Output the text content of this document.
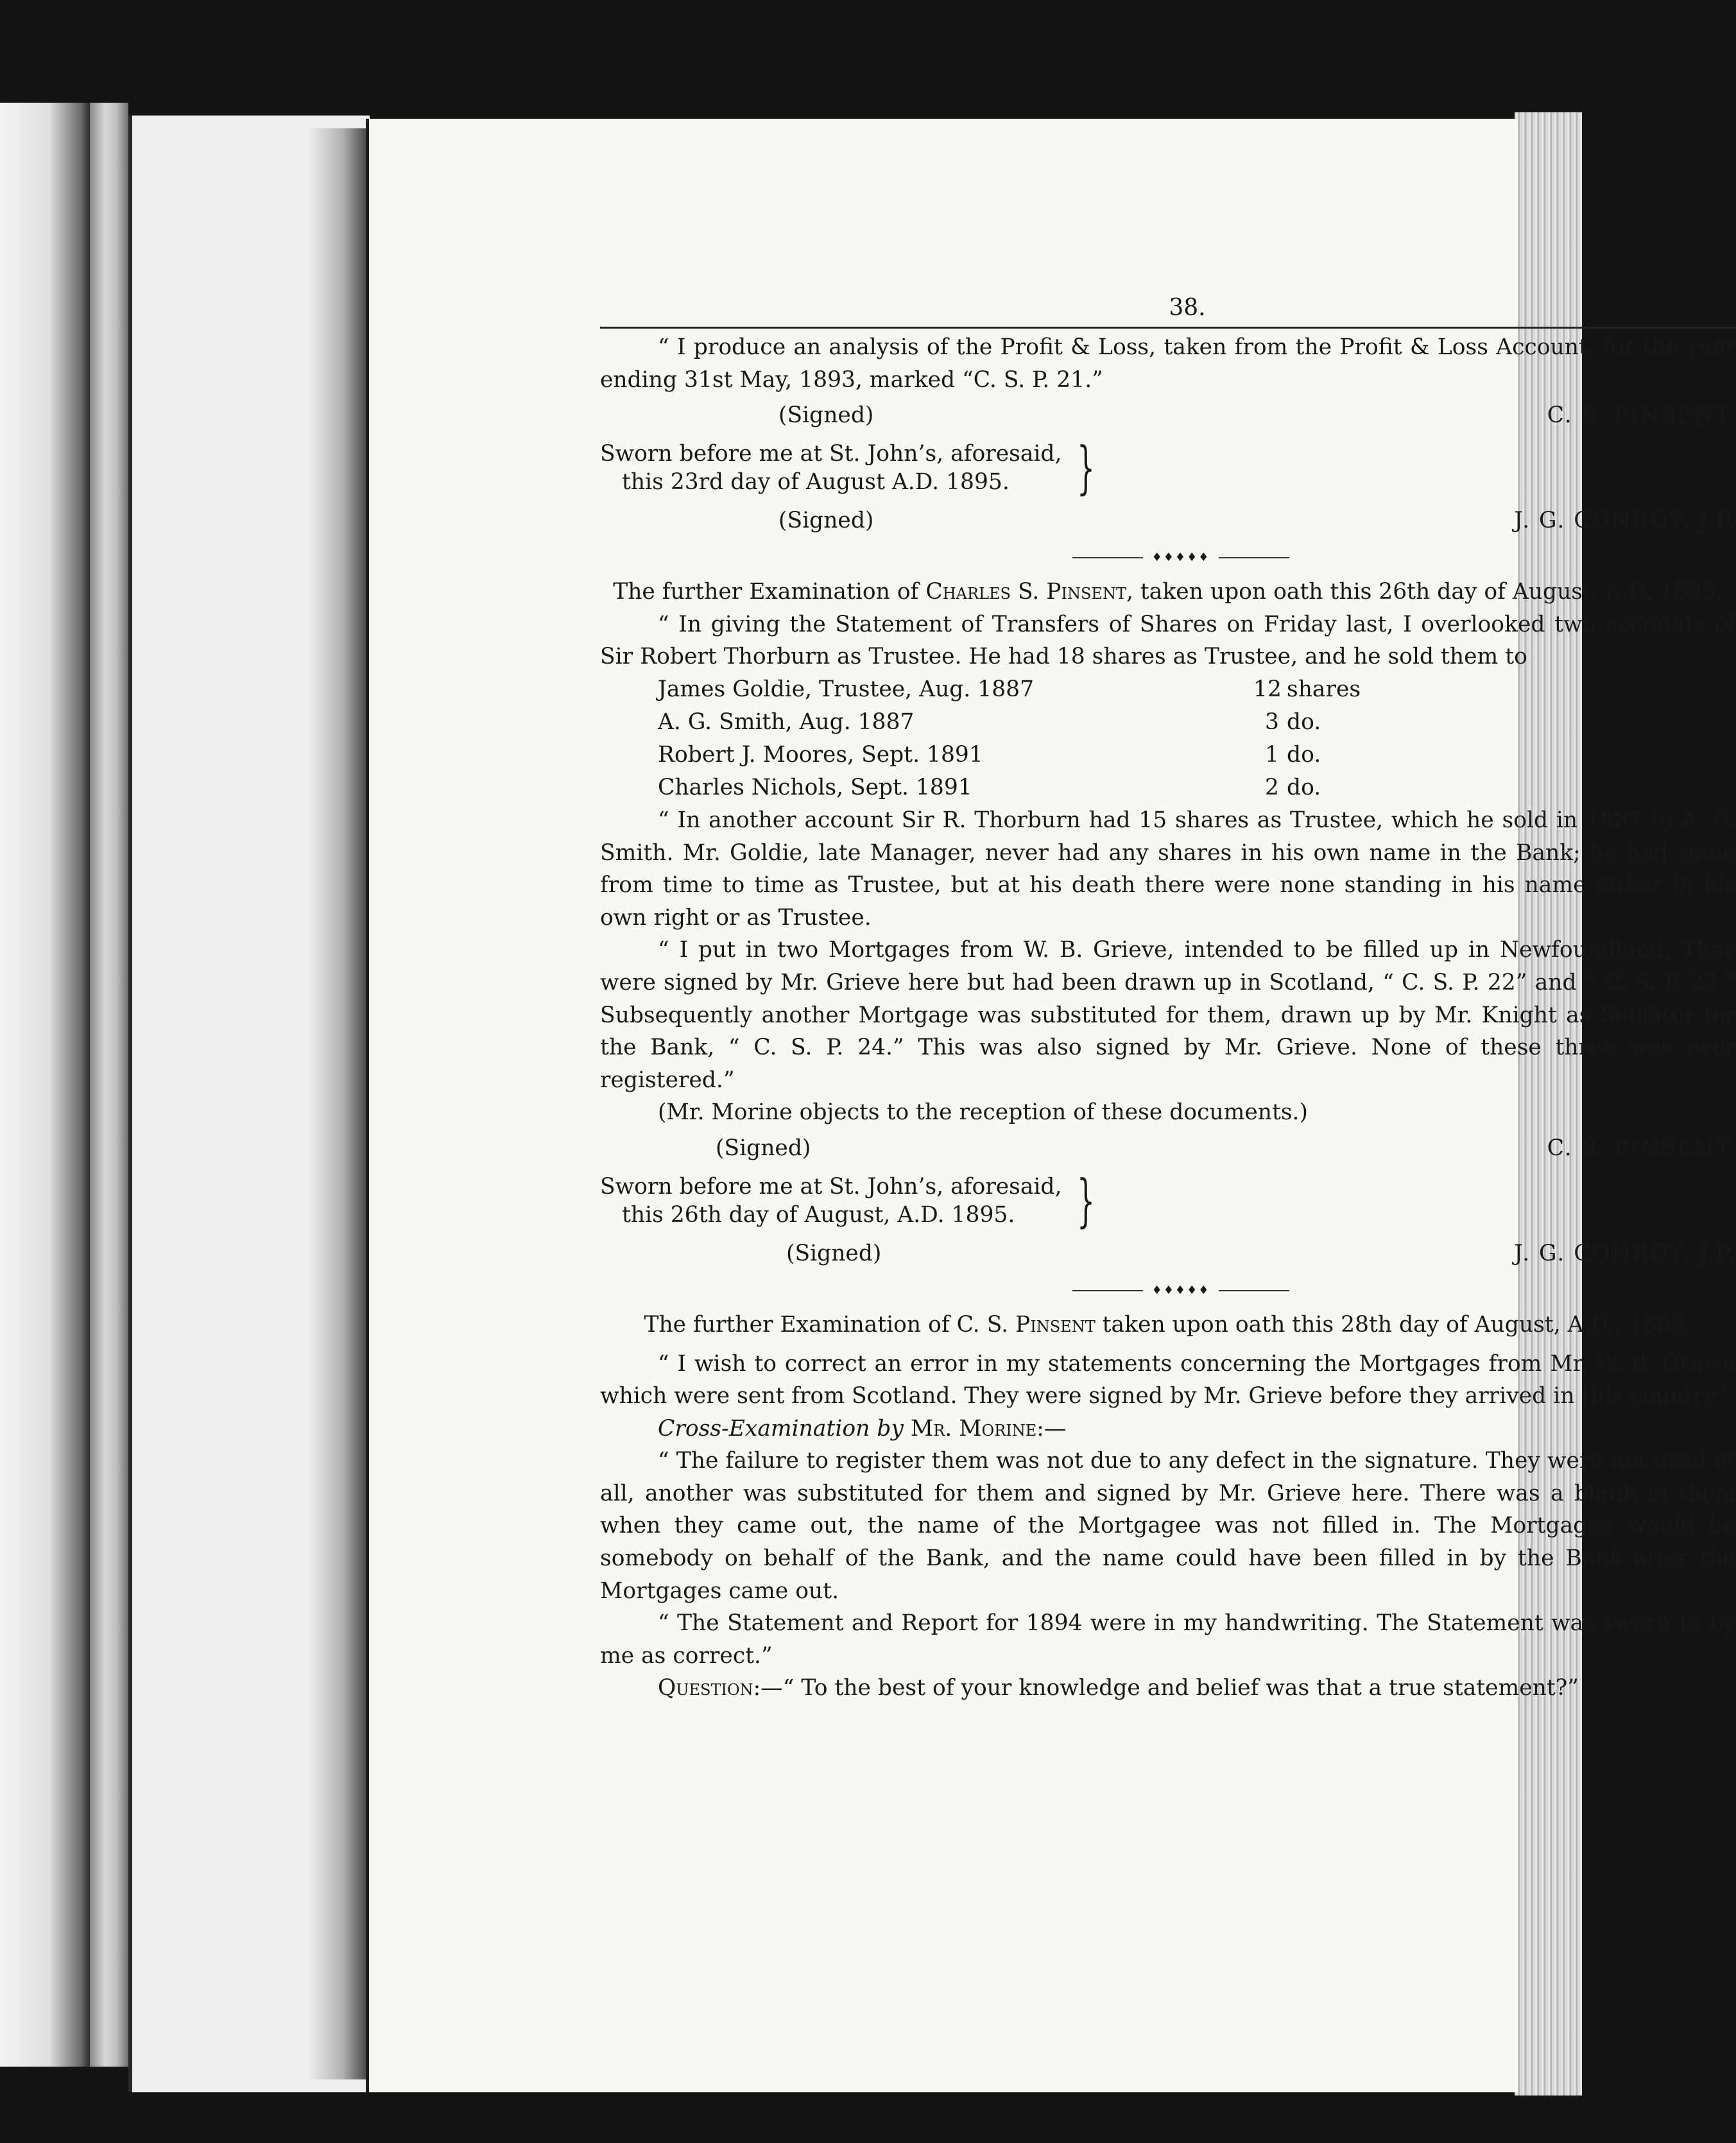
38.

“ I produce an analysis of the Profit & Loss, taken from the Profit & Loss Account, for the year ending 31st May, 1893, marked “C. S. P. 21.”

(Signed)	C. S. PINSENT.
Sworn before me at St. John’s, aforesaid,
this 23rd day of August A.D. 1895.	}
(Signed)	J. G. CONROY, J.P.
♦♦♦♦♦

The further Examination of Charles S. Pinsent, taken upon oath this 26th day of August, A.D. 1895.

“ In giving the Statement of Transfers of Shares on Friday last, I overlooked two accounts of Sir Robert Thorburn as Trustee. He had 18 shares as Trustee, and he sold them to

James Goldie, Trustee, Aug. 1887	12 shares
A. G. Smith, Aug. 1887	3 do.
Robert J. Moores, Sept. 1891	1 do.
Charles Nichols, Sept. 1891	2 do.

“ In another account Sir R. Thorburn had 15 shares as Trustee, which he sold in 1887 to A. G. Smith. Mr. Goldie, late Manager, never had any shares in his own name in the Bank; he had some from time to time as Trustee, but at his death there were none standing in his name either in his own right or as Trustee.

“ I put in two Mortgages from W. B. Grieve, intended to be filled up in Newfoundland. They were signed by Mr. Grieve here but had been drawn up in Scotland, “ C. S. P. 22” and “ C. S. P. 23.” Subsequently another Mortgage was substituted for them, drawn up by Mr. Knight as Solicitor for the Bank, “ C. S. P. 24.” This was also signed by Mr. Grieve. None of these three was ever registered.”

(Mr. Morine objects to the reception of these documents.)

(Signed)	C. S. PINSENT.
Sworn before me at St. John’s, aforesaid,
this 26th day of August, A.D. 1895.	}
(Signed)	J. G. CONROY, J.P.
♦♦♦♦♦

The further Examination of C. S. Pinsent taken upon oath this 28th day of August, A.D., 1895.

“ I wish to correct an error in my statements concerning the Mortgages from Mr. W. B. Grieve which were sent from Scotland. They were signed by Mr. Grieve before they arrived in this country.”

Cross-Examination by Mr. Morine:—

“ The failure to register them was not due to any defect in the signature. They were not used at all, another was substituted for them and signed by Mr. Grieve here. There was a blank in them when they came out, the name of the Mortgagee was not filled in. The Mortgagee would be somebody on behalf of the Bank, and the name could have been filled in by the Bank after the Mortgages came out.

“ The Statement and Report for 1894 were in my handwriting. The Statement was sworn to by me as correct.”

Question:—“ To the best of your knowledge and belief was that a true statement?”
